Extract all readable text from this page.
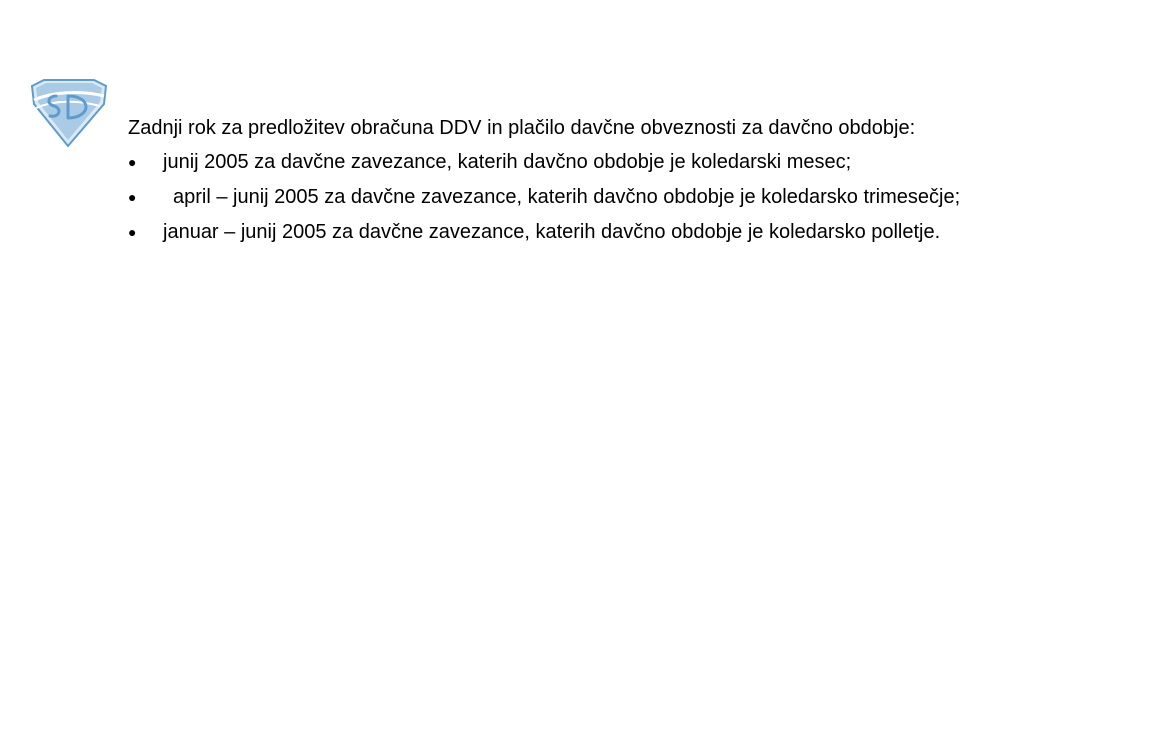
Zadnji rok za predložitev obračuna DDV in plačilo davčne obveznosti za davčno obdobje:

● junij 2005 za davčne zavezance, katerih davčno obdobje je koledarski mesec;
●	april – junij 2005 za davčne zavezance, katerih davčno obdobje je koledarsko trimesečje;
● januar – junij 2005 za davčne zavezance, katerih davčno obdobje je koledarsko polletje.
